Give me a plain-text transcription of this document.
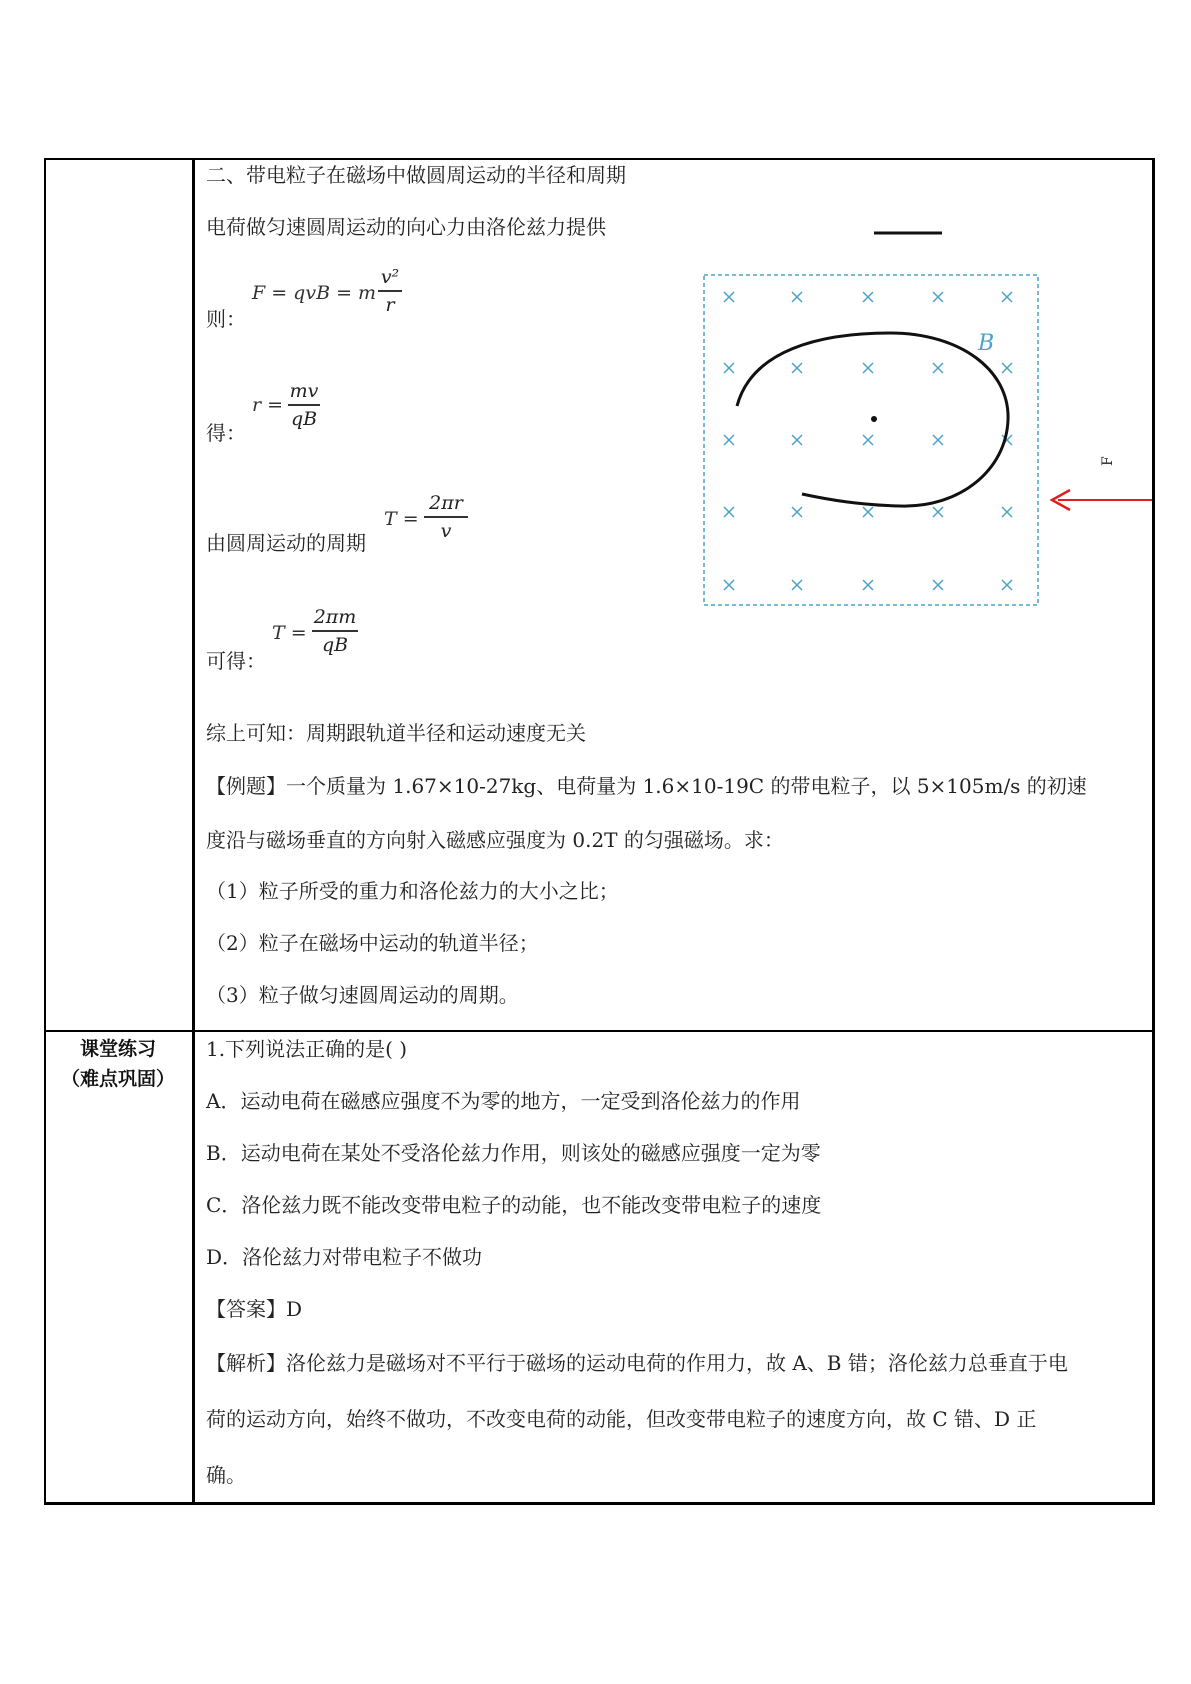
二、带电粒子在磁场中做圆周运动的半径和周期
电荷做匀速圆周运动的向心力由洛伦兹力提供
则：
F = qvB = m
v²
r
得：
r =
mv
qB
由圆周运动的周期
T =
2πr
v
可得：
T =
2πm
qB
综上可知：周期跟轨道半径和运动速度无关
【例题】一个质量为 1.67×10-27kg、电荷量为 1.6×10-19C 的带电粒子，以 5×105m/s 的初速
度沿与磁场垂直的方向射入磁感应强度为 0.2T 的匀强磁场。求：
（1）粒子所受的重力和洛伦兹力的大小之比；
（2）粒子在磁场中运动的轨道半径；
（3）粒子做匀速圆周运动的周期。
B
F
课堂练习
（难点巩固）
1.下列说法正确的是( )
A．运动电荷在磁感应强度不为零的地方，一定受到洛伦兹力的作用
B．运动电荷在某处不受洛伦兹力作用，则该处的磁感应强度一定为零
C．洛伦兹力既不能改变带电粒子的动能，也不能改变带电粒子的速度
D．洛伦兹力对带电粒子不做功
【答案】D
【解析】洛伦兹力是磁场对不平行于磁场的运动电荷的作用力，故 A、B 错；洛伦兹力总垂直于电
荷的运动方向，始终不做功，不改变电荷的动能，但改变带电粒子的速度方向，故 C 错、D 正
确。
